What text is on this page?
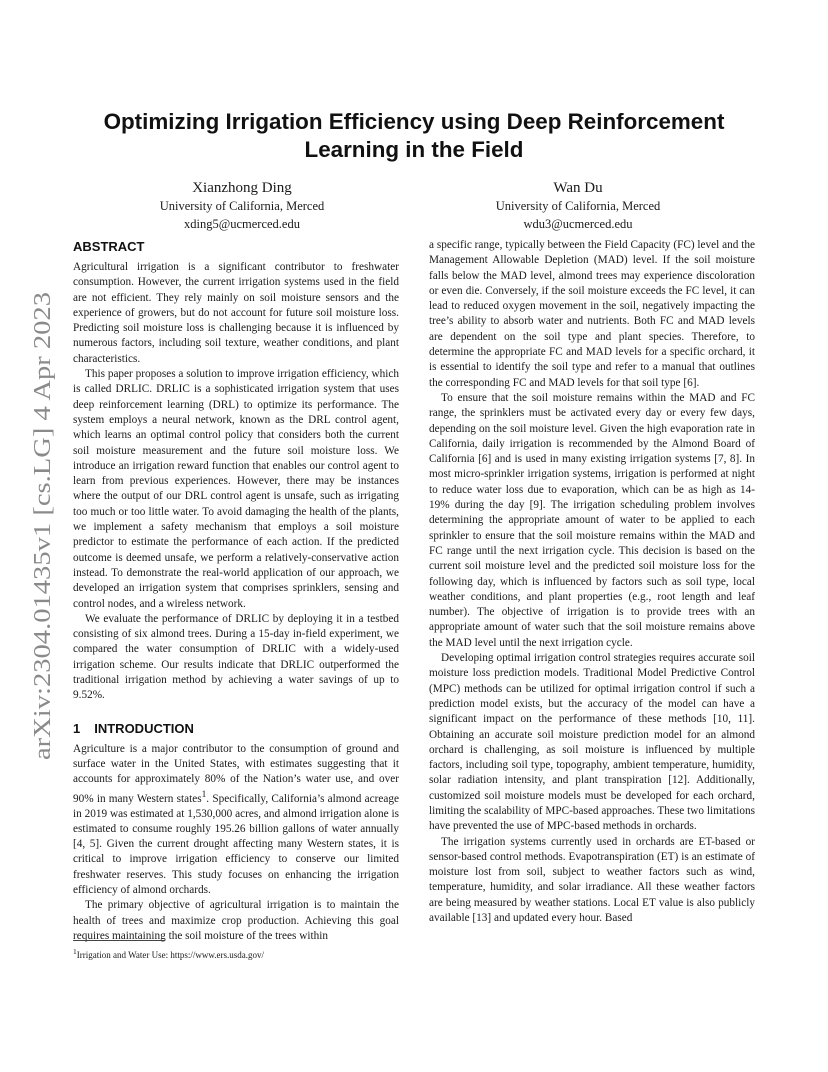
arXiv:2304.01435v1 [cs.LG] 4 Apr 2023
Optimizing Irrigation Efficiency using Deep Reinforcement Learning in the Field
Xianzhong Ding
University of California, Merced
xding5@ucmerced.edu
Wan Du
University of California, Merced
wdu3@ucmerced.edu
ABSTRACT

Agricultural irrigation is a significant contributor to freshwater consumption. However, the current irrigation systems used in the field are not efficient. They rely mainly on soil moisture sensors and the experience of growers, but do not account for future soil moisture loss. Predicting soil moisture loss is challenging because it is influenced by numerous factors, including soil texture, weather conditions, and plant characteristics.

This paper proposes a solution to improve irrigation efficiency, which is called DRLIC. DRLIC is a sophisticated irrigation system that uses deep reinforcement learning (DRL) to optimize its performance. The system employs a neural network, known as the DRL control agent, which learns an optimal control policy that considers both the current soil moisture measurement and the future soil moisture loss. We introduce an irrigation reward function that enables our control agent to learn from previous experiences. However, there may be instances where the output of our DRL control agent is unsafe, such as irrigating too much or too little water. To avoid damaging the health of the plants, we implement a safety mechanism that employs a soil moisture predictor to estimate the performance of each action. If the predicted outcome is deemed unsafe, we perform a relatively-conservative action instead. To demonstrate the real-world application of our approach, we developed an irrigation system that comprises sprinklers, sensing and control nodes, and a wireless network.

We evaluate the performance of DRLIC by deploying it in a testbed consisting of six almond trees. During a 15-day in-field experiment, we compared the water consumption of DRLIC with a widely-used irrigation scheme. Our results indicate that DRLIC outperformed the traditional irrigation method by achieving a water savings of up to 9.52%.

1 INTRODUCTION

Agriculture is a major contributor to the consumption of ground and surface water in the United States, with estimates suggesting that it accounts for approximately 80% of the Nation’s water use, and over 90% in many Western states$^1$. Specifically, California’s almond acreage in 2019 was estimated at 1,530,000 acres, and almond irrigation alone is estimated to consume roughly 195.26 billion gallons of water annually [4, 5]. Given the current drought affecting many Western states, it is critical to improve irrigation efficiency to conserve our limited freshwater reserves. This study focuses on enhancing the irrigation efficiency of almond orchards.

The primary objective of agricultural irrigation is to maintain the health of trees and maximize crop production. Achieving this goal requires maintaining the soil moisture of the trees within

a specific range, typically between the Field Capacity (FC) level and the Management Allowable Depletion (MAD) level. If the soil moisture falls below the MAD level, almond trees may experience discoloration or even die. Conversely, if the soil moisture exceeds the FC level, it can lead to reduced oxygen movement in the soil, negatively impacting the tree’s ability to absorb water and nutrients. Both FC and MAD levels are dependent on the soil type and plant species. Therefore, to determine the appropriate FC and MAD levels for a specific orchard, it is essential to identify the soil type and refer to a manual that outlines the corresponding FC and MAD levels for that soil type [6].

To ensure that the soil moisture remains within the MAD and FC range, the sprinklers must be activated every day or every few days, depending on the soil moisture level. Given the high evaporation rate in California, daily irrigation is recommended by the Almond Board of California [6] and is used in many existing irrigation systems [7, 8]. In most micro-sprinkler irrigation systems, irrigation is performed at night to reduce water loss due to evaporation, which can be as high as 14-19% during the day [9]. The irrigation scheduling problem involves determining the appropriate amount of water to be applied to each sprinkler to ensure that the soil moisture remains within the MAD and FC range until the next irrigation cycle. This decision is based on the current soil moisture level and the predicted soil moisture loss for the following day, which is influenced by factors such as soil type, local weather conditions, and plant properties (e.g., root length and leaf number). The objective of irrigation is to provide trees with an appropriate amount of water such that the soil moisture remains above the MAD level until the next irrigation cycle.

Developing optimal irrigation control strategies requires accurate soil moisture loss prediction models. Traditional Model Predictive Control (MPC) methods can be utilized for optimal irrigation control if such a prediction model exists, but the accuracy of the model can have a significant impact on the performance of these methods [10, 11]. Obtaining an accurate soil moisture prediction model for an almond orchard is challenging, as soil moisture is influenced by multiple factors, including soil type, topography, ambient temperature, humidity, solar radiation intensity, and plant transpiration [12]. Additionally, customized soil moisture models must be developed for each orchard, limiting the scalability of MPC-based approaches. These two limitations have prevented the use of MPC-based methods in orchards.

The irrigation systems currently used in orchards are ET-based or sensor-based control methods. Evapotranspiration (ET) is an estimate of moisture lost from soil, subject to weather factors such as wind, temperature, humidity, and solar irradiance. All these weather factors are being measured by weather stations. Local ET value is also publicly available [13] and updated every hour. Based

$^1$Irrigation and Water Use: https://www.ers.usda.gov/
